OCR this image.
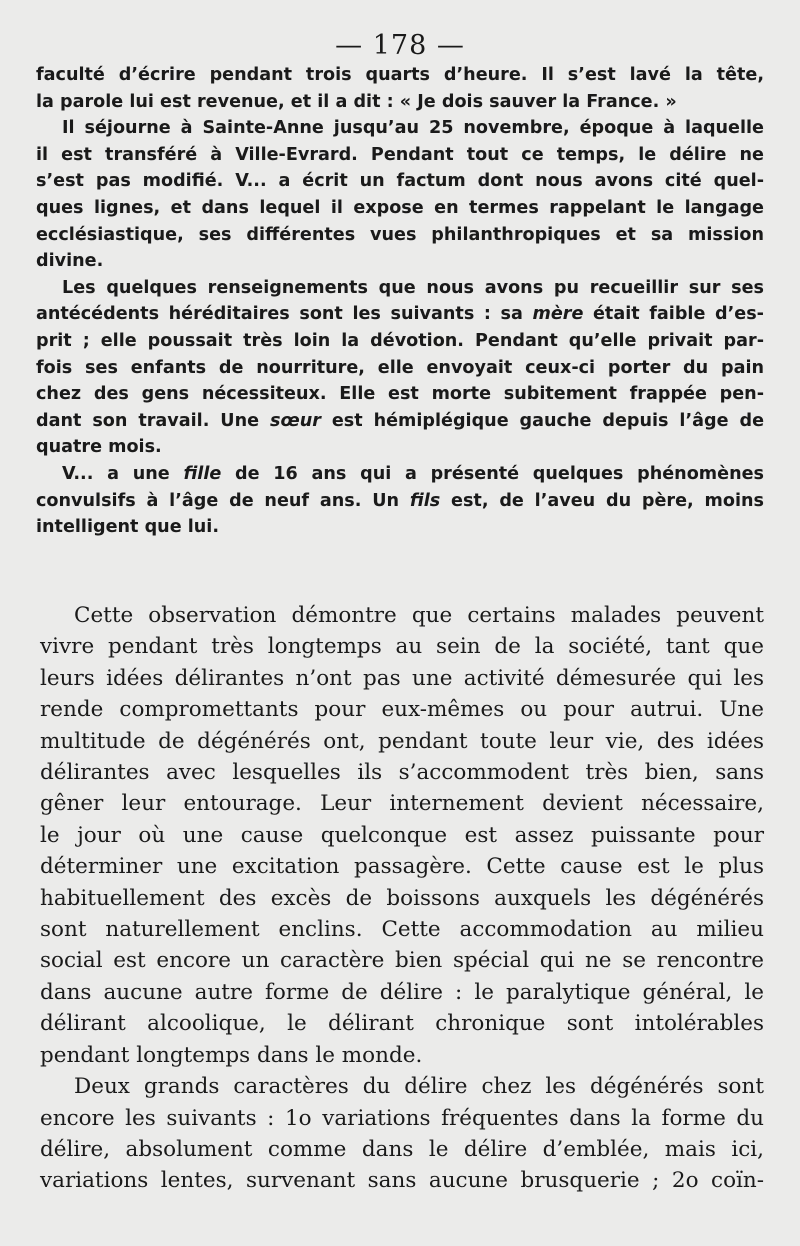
— 178 —
faculté d’écrire pendant trois quarts d’heure. Il s’est lavé la tête,
la parole lui est revenue, et il a dit : « Je dois sauver la France. »
Il séjourne à Sainte-Anne jusqu’au 25 novembre, époque à laquelle
il est transféré à Ville-Evrard. Pendant tout ce temps, le délire ne
s’est pas modifié. V... a écrit un factum dont nous avons cité quel-
ques lignes, et dans lequel il expose en termes rappelant le langage
ecclésiastique, ses différentes vues philanthropiques et sa mission
divine.
Les quelques renseignements que nous avons pu recueillir sur ses
antécédents héréditaires sont les suivants : sa mère était faible d’es-
prit ; elle poussait très loin la dévotion. Pendant qu’elle privait par-
fois ses enfants de nourriture, elle envoyait ceux-ci porter du pain
chez des gens nécessiteux. Elle est morte subitement frappée pen-
dant son travail. Une sœur est hémiplégique gauche depuis l’âge de
quatre mois.
V... a une fille de 16 ans qui a présenté quelques phénomènes
convulsifs à l’âge de neuf ans. Un fils est, de l’aveu du père, moins
intelligent que lui.
Cette observation démontre que certains malades peuvent
vivre pendant très longtemps au sein de la société, tant que
leurs idées délirantes n’ont pas une activité démesurée qui les
rende compromettants pour eux-mêmes ou pour autrui. Une
multitude de dégénérés ont, pendant toute leur vie, des idées
délirantes avec lesquelles ils s’accommodent très bien, sans
gêner leur entourage. Leur internement devient nécessaire,
le jour où une cause quelconque est assez puissante pour
déterminer une excitation passagère. Cette cause est le plus
habituellement des excès de boissons auxquels les dégénérés
sont naturellement enclins. Cette accommodation au milieu
social est encore un caractère bien spécial qui ne se rencontre
dans aucune autre forme de délire : le paralytique général, le
délirant alcoolique, le délirant chronique sont intolérables
pendant longtemps dans le monde.
Deux grands caractères du délire chez les dégénérés sont
encore les suivants : 1o variations fréquentes dans la forme du
délire, absolument comme dans le délire d’emblée, mais ici,
variations lentes, survenant sans aucune brusquerie ; 2o coïn-
